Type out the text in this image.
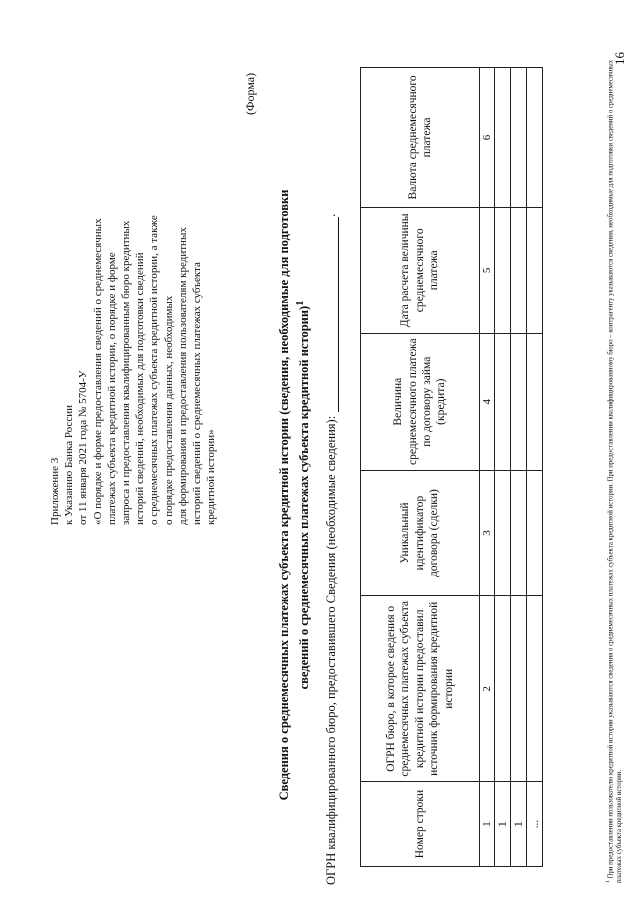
Приложение 3 к Указанию Банка России от 11 января 2021 года № 5704-У «О порядке и форме предоставления сведений о среднемесячных платежах субъекта кредитной истории, о порядке и форме запроса и предоставления квалифицированным бюро кредитных историй сведений, необходимых для подготовки сведений о среднемесячных платежах субъекта кредитной истории, а также о порядке предоставления данных, необходимых для формирования и предоставления пользователям кредитных историй сведений о среднемесячных платежах субъекта кредитной истории»
(Форма)
Сведения о среднемесячных платежах субъекта кредитной истории (сведения, необходимые для подготовки сведений о среднемесячных платежах субъекта кредитной истории)$^1$
ОГРН квалифицированного бюро, предоставившего Сведения (необходимые сведения):.
Номер строки	ОГРН бюро, в которое сведения о среднемесячных платежах субъекта кредитной истории предоставил источник формирования кредитной истории	Уникальный идентификатор договора (сделки)	Величина среднемесячного платежа по договору займа (кредита)	Дата расчета величины среднемесячного платежа	Валюта среднемесячного платежа
1	2	3	4	5	6
1					
1					
...					
$^1$ При предоставлении пользователю кредитной истории указываются сведения о среднемесячных платежах субъекта кредитной истории. При предоставлении квалифицированному бюро – контрагенту указываются сведения, необходимые для подготовки сведений о среднемесячных платежах субъекта кредитной истории.
16
